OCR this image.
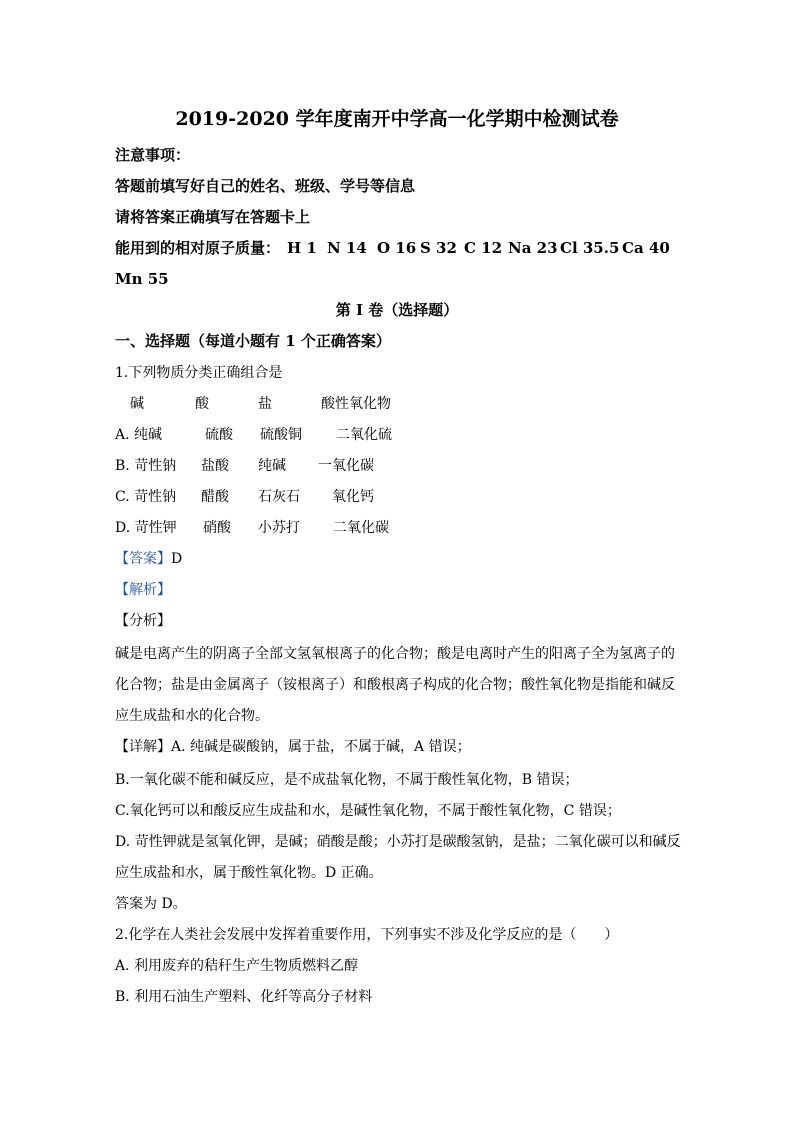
2019-2020 学年度南开中学高一化学期中检测试卷
注意事项：
答题前填写好自己的姓名、班级、学号等信息
请将答案正确填写在答题卡上
能用到的相对原子质量： H 1 N 14 O 16 S 32 C 12 Na 23 Cl 35.5 Ca 40
Mn 55
第 I 卷（选择题）
一、选择题（每道小题有 1 个正确答案）
1.下列物质分类正确组合是
碱	酸	盐	酸性氧化物
A. 纯碱	硫酸 硫酸铜 二氧化硫
B. 苛性钠 盐酸 纯碱 一氧化碳
C. 苛性钠 醋酸 石灰石 氧化钙
D. 苛性钾 硝酸 小苏打 二氧化碳
【答案】D
【解析】
【分析】
碱是电离产生的阴离子全部文氢氧根离子的化合物；酸是电离时产生的阳离子全为氢离子的
化合物；盐是由金属离子（铵根离子）和酸根离子构成的化合物；酸性氧化物是指能和碱反
应生成盐和水的化合物。
【详解】A. 纯碱是碳酸钠，属于盐，不属于碱，A 错误；
B.一氧化碳不能和碱反应，是不成盐氧化物，不属于酸性氧化物，B 错误；
C.氧化钙可以和酸反应生成盐和水，是碱性氧化物，不属于酸性氧化物，C 错误；
D. 苛性钾就是氢氧化钾，是碱；硝酸是酸；小苏打是碳酸氢钠，是盐；二氧化碳可以和碱反
应生成盐和水，属于酸性氧化物。D 正确。
答案为 D。
2.化学在人类社会发展中发挥着重要作用，下列事实不涉及化学反应的是（　　）
A. 利用废弃的秸秆生产生物质燃料乙醇
B. 利用石油生产塑料、化纤等高分子材料
